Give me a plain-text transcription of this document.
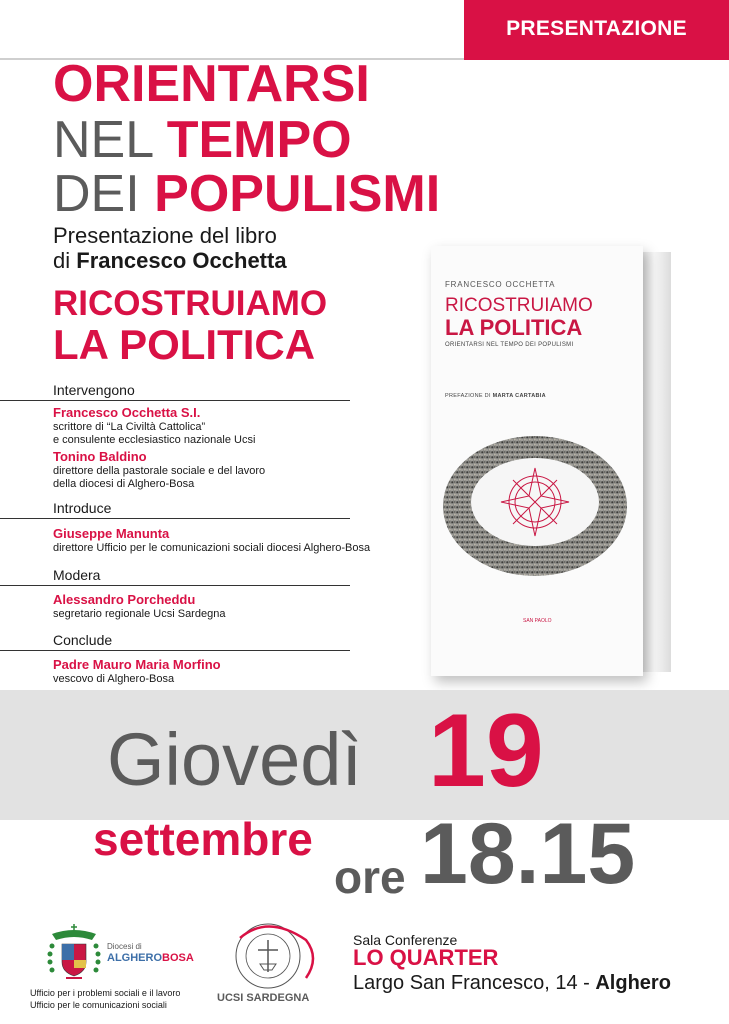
PRESENTAZIONE
ORIENTARSI
NEL TEMPO
DEI POPULISMI
Presentazione del libro
di Francesco Occhetta
RICOSTRUIAMO
LA POLITICA
Intervengono
Francesco Occhetta S.I.
scrittore di “La Civiltà Cattolica”
e consulente ecclesiastico nazionale Ucsi
Tonino Baldino
direttore della pastorale sociale e del lavoro
della diocesi di Alghero-Bosa
Introduce
Giuseppe Manunta
direttore Ufficio per le comunicazioni sociali diocesi Alghero-Bosa
Modera
Alessandro Porcheddu
segretario regionale Ucsi Sardegna
Conclude
Padre Mauro Maria Morfino
vescovo di Alghero-Bosa
FRANCESCO OCCHETTA
RICOSTRUIAMO
LA POLITICA
ORIENTARSI NEL TEMPO DEI POPULISMI
PREFAZIONE DI MARTA CARTABIA
SAN PAOLO
Giovedì 19
settembre
ore 18.15
Diocesi di
ALGHEROBOSA
Ufficio per i problemi sociali e il lavoro
Ufficio per le comunicazioni sociali
UCSI SARDEGNA
Sala Conferenze
LO QUARTER
Largo San Francesco, 14 - Alghero
